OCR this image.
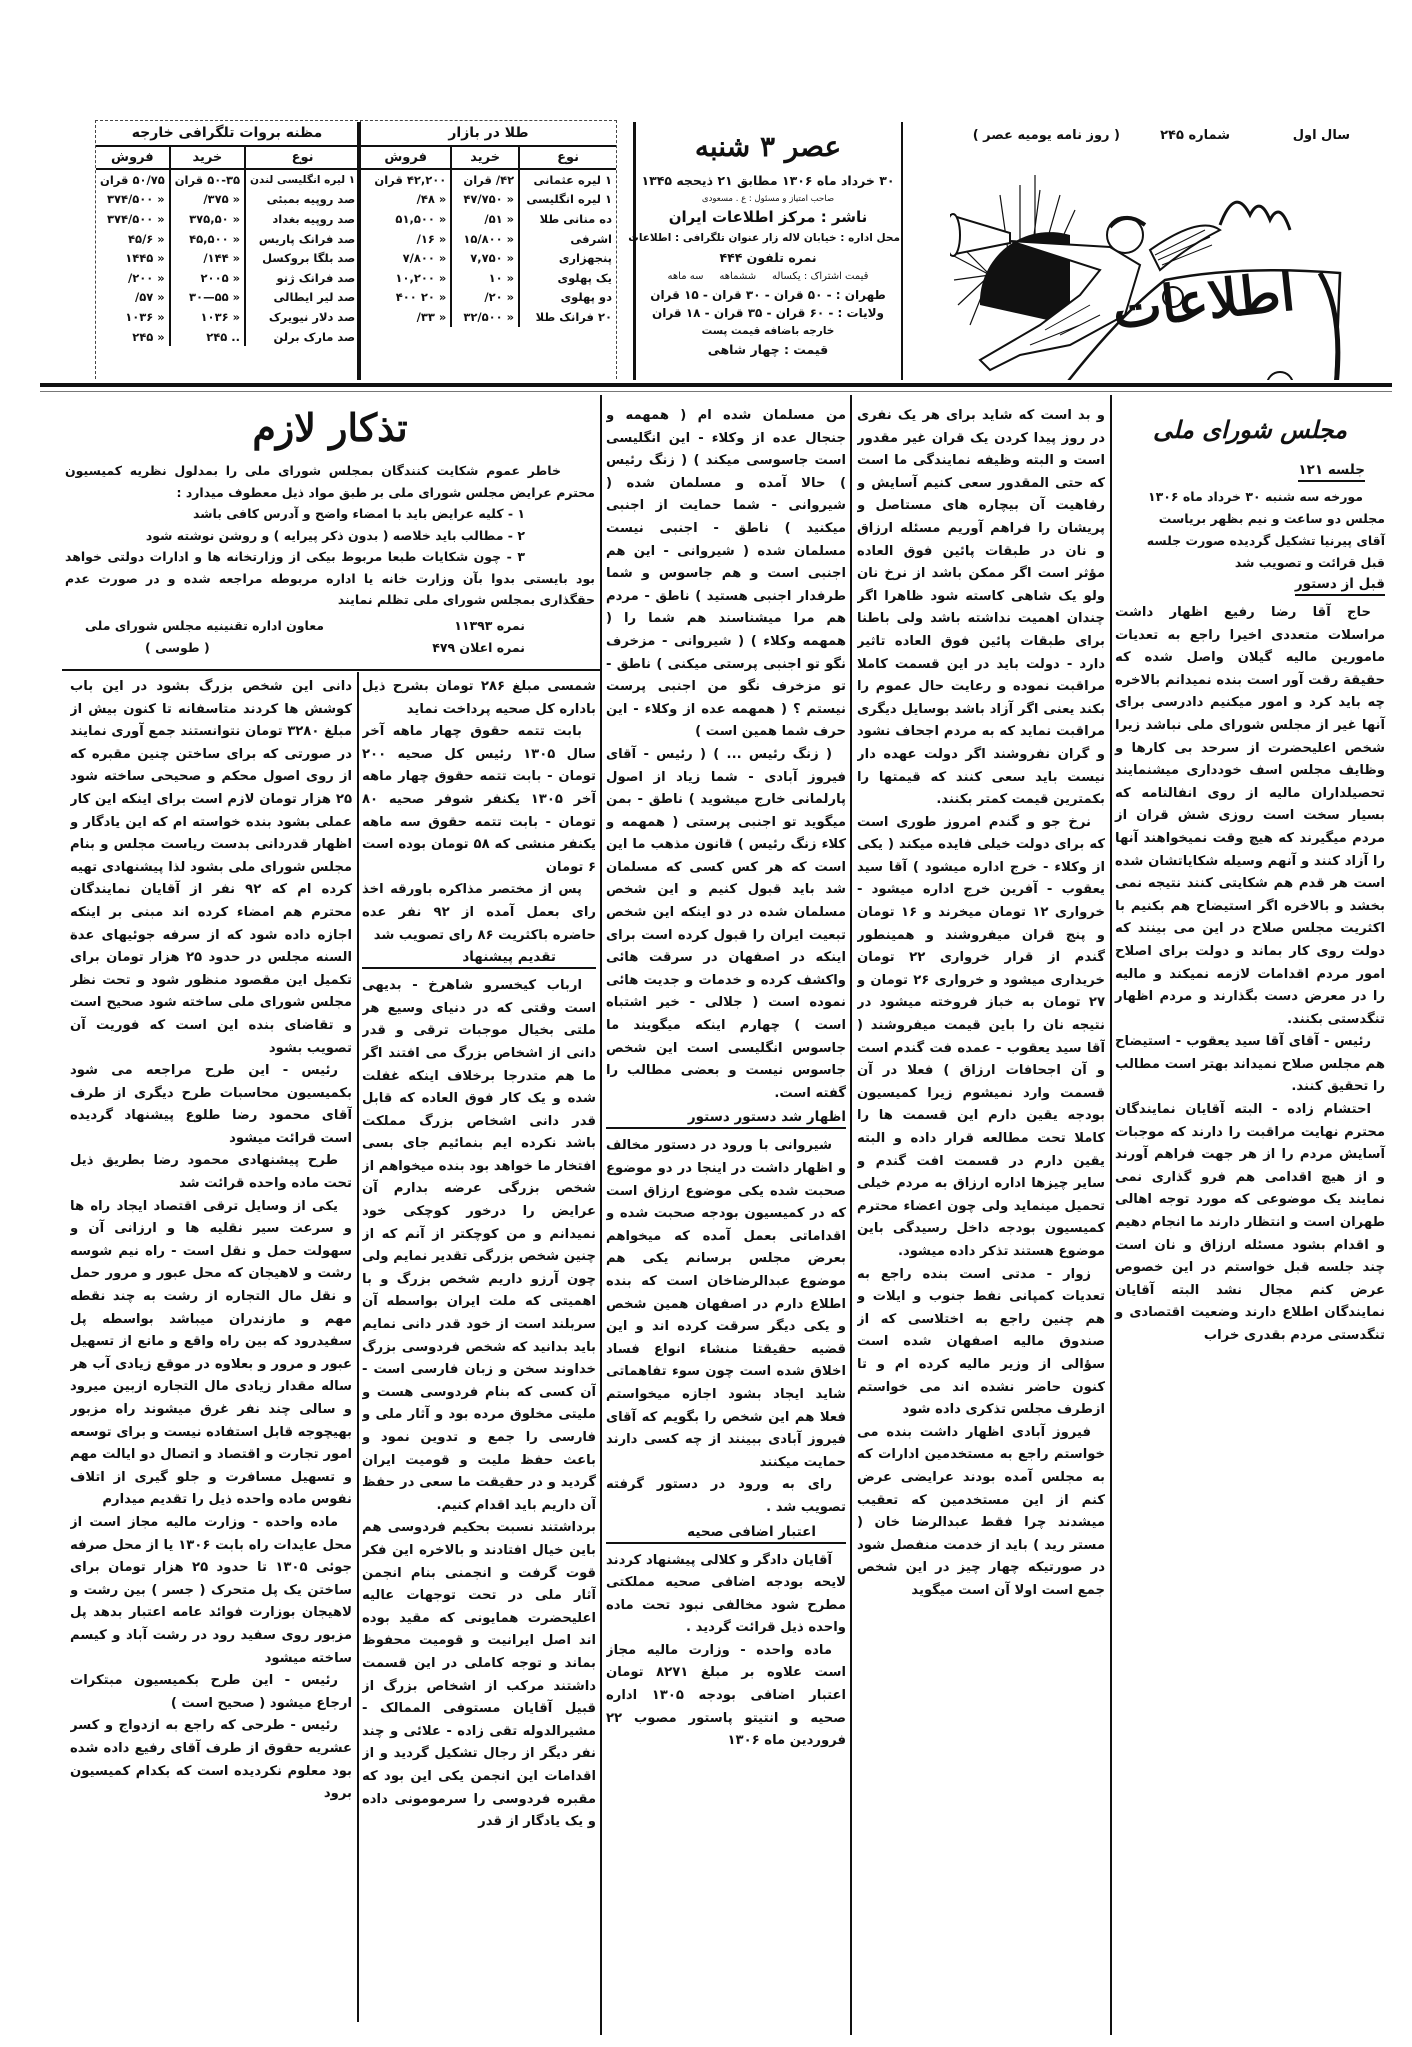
سال اول
شماره ۲۴۵
( روز نامه یومیه عصر )
اطلاعات
عصر ۳ شنبه
۳۰ خرداد ماه ۱۳۰۶ مطابق ۲۱ ذیحجه ۱۳۴۵
صاحب امتیاز و مسئول : ع . مسعودی
ناشر : مرکز اطلاعات ایران
محل اداره : خیابان لاله زار عنوان تلگرافی : اطلاعات
نمره تلفون ۴۴۴
قیمت اشتراک : یکساله     ششماهه     سه ماهه
طهران : - ۵۰ قران - ۳۰ قران - ۱۵ قران
ولایات : - ۶۰ قران - ۳۵ قران - ۱۸ قران
خارجه باضافه قیمت پست
قیمت : چهار شاهی
طلا در بازار
نوع	خرید	فروش
۱ لیره عثمانی	۴۲/ قران	۴۲,۲۰۰ قران
۱ لیره انگلیسی	« ۴۷/۷۵۰	« ۴۸/
ده منانی طلا	« ۵۱/	« ۵۱,۵۰۰
اشرفی	« ۱۵/۸۰۰	« ۱۶/
پنجهزاری	« ۷,۷۵۰	« ۷/۸۰۰
یک پهلوی	« ۱۰	« ۱۰,۲۰۰
دو پهلوی	« ۲۰/	« ۲۰ ۴۰۰
۲۰ فرانک طلا	« ۳۲/۵۰۰	« ۳۳/
مظنه بروات تلگرافی خارجه
نوع	خرید	فروش
۱ لیره انگلیسی لندن	۵۰-۳۵ قران	۵۰/۷۵ قران
صد روپیه بمبئی	« ۳۷۵/	« ۳۷۴/۵۰۰
صد روپیه بغداد	« ۳۷۵,۵۰	« ۳۷۴/۵۰۰
صد فرانک پاریس	« ۴۵,۵۰۰	« ۴۵/۶
صد بلگا بروکسل	« ۱۴۴/	« ۱۴۴۵
صد فرانک ژنو	« ۲۰۰۵	« ۲۰۰/
صد لیر ایطالی	« ۵۵—۳۰	« ۵۷/
صد دلار نیویرک	« ۱۰۳۶	« ۱۰۳۶
صد مارک برلن	.. ۲۴۵	« ۲۴۵
مجلس شورای ملی
جلسه ۱۲۱
مورخه سه شنبه ۳۰ خرداد ماه ۱۳۰۶
مجلس دو ساعت و نیم بظهر بریاست
آقای پیرنیا تشکیل گردیده صورت جلسه
قبل قرائت و تصویب شد
قبل از دستور

حاج آقا رضا رفیع اظهار داشت مراسلات متعددی اخیرا راجع به تعدیات مامورین مالیه گیلان واصل شده که حقیقة رقت آور است بنده نمیدانم بالاخره چه باید کرد و امور میکنیم دادرسی برای آنها غیر از مجلس شورای ملی نباشد زیرا شخص اعلیحضرت از سرحد بی کارها و وظایف مجلس اسف خودداری میشنمایند تحصیلداران مالیه از روی انفالنامه که بسیار سخت است روزی شش قران از مردم میگیرند که هیچ وقت نمیخواهند آنها را آزاد کنند و آنهم وسیله شکایاتشان شده است هر قدم هم شکایتی کنند نتیجه نمی بخشد و بالاخره اگر استیضاح هم بکنیم با اکثریت مجلس صلاح در این می بینند که دولت روی کار بماند و دولت برای اصلاح امور مردم اقدامات لازمه نمیکند و مالیه را در معرض دست بگذارند و مردم اظهار تنگدستی بکنند.

رئیس - آقای آقا سید یعقوب - استیضاح هم مجلس صلاح نمیداند بهتر است مطالب را تحقیق کنند.

احتشام زاده - البته آقایان نمایندگان محترم نهایت مراقبت را دارند که موجبات آسایش مردم را از هر جهت فراهم آورند و از هیچ اقدامی هم فرو گذاری نمی نمایند یک موضوعی که مورد توجه اهالی طهران است و انتظار دارند ما انجام دهیم و اقدام بشود مسئله ارزاق و نان است چند جلسه قبل خواستم در این خصوص عرض کنم مجال نشد البته آقایان نمایندگان اطلاع دارند وضعیت اقتصادی و تنگدستی مردم بقدری خراب

و بد است که شاید برای هر یک نفری در روز پیدا کردن یک قران غیر مقدور است و البته وظیفه نمایندگی ما است که حتی المقدور سعی کنیم آسایش و رفاهیت آن بیچاره های مستاصل و پریشان را فراهم آوریم مسئله ارزاق و نان در طبقات پائین فوق العاده مؤثر است اگر ممکن باشد از نرخ نان ولو یک شاهی کاسته شود ظاهرا اگر چندان اهمیت نداشته باشد ولی باطنا برای طبقات پائین فوق العاده تاثیر دارد - دولت باید در این قسمت کاملا مراقبت نموده و رعایت حال عموم را بکند یعنی اگر آزاد باشد بوسایل دیگری مراقبت نماید که به مردم اجحاف نشود و گران نفروشند اگر دولت عهده دار نیست باید سعی کنند که قیمتها را بکمترین قیمت کمتر بکنند.

نرخ جو و گندم امروز طوری است که برای دولت خیلی فایده میکند ( یکی از وکلاء - خرج اداره میشود ) آقا سید یعقوب - آفرین خرج اداره میشود - خرواری ۱۲ تومان میخرند و ۱۶ تومان و پنج قران میفروشند و همینطور گندم از قرار خرواری ۲۲ تومان خریداری میشود و خرواری ۲۶ تومان و ۲۷ تومان به خباز فروخته میشود در نتیجه نان را باین قیمت میفروشند ( آقا سید یعقوب - عمده فت گندم است و آن اجحافات ارزاق ) فعلا در آن قسمت وارد نمیشوم زیرا کمیسیون بودجه یقین دارم این قسمت ها را کاملا تحت مطالعه قرار داده و البته یقین دارم در قسمت افت گندم و سایر چیزها اداره ارزاق به مردم خیلی تحمیل مینماید ولی چون اعضاء محترم کمیسیون بودجه داخل رسیدگی باین موضوع هستند تذکر داده میشود.

زوار - مدتی است بنده راجع به تعدیات کمپانی نفط جنوب و ایلات و هم چنین راجع به اختلاسی که از صندوق مالیه اصفهان شده است سؤالی از وزیر مالیه کرده ام و تا کنون حاضر نشده اند می خواستم ازطرف مجلس تذکری داده شود

فیروز آبادی اظهار داشت بنده می خواستم راجع به مستخدمین ادارات که به مجلس آمده بودند عرایضی عرض کنم از این مستخدمین که تعقیب میشدند چرا فقط عبدالرضا خان ( مستر رید ) باید از خدمت منفصل شود در صورتیکه چهار چیز در این شخص جمع است اولا آن است میگوید

من مسلمان شده ام ( همهمه و جنجال عده از وکلاء - این انگلیسی است جاسوسی میکند ) ( زنگ رئیس ) حالا آمده و مسلمان شده ( شیروانی - شما حمایت از اجنبی میکنید ) ناطق - اجنبی نیست مسلمان شده ( شیروانی - این هم اجنبی است و هم جاسوس و شما طرفدار اجنبی هستید ) ناطق - مردم هم مرا میشناسند هم شما را ( همهمه وکلاء ) ( شیروانی - مزخرف نگو تو اجنبی پرستی میکنی ) ناطق - تو مزخرف نگو من اجنبی پرست نیستم ؟ ( همهمه عده از وکلاء - این حرف شما همین است )

( زنگ رئیس ... ) ( رئیس - آقای فیروز آبادی - شما زیاد از اصول پارلمانی خارج میشوید ) ناطق - بمن میگوید تو اجنبی پرستی ( همهمه و کلاء زنگ رئیس ) قانون مذهب ما این است که هر کس کسی که مسلمان شد باید قبول کنیم و این شخص مسلمان شده در دو اینکه این شخص تبعیت ایران را قبول کرده است برای اینکه در اصفهان در سرقت هائی واکشف کرده و خدمات و جدیت هائی نموده است ( جلالی - خیر اشتباه است ) چهارم اینکه میگویند ما جاسوس انگلیسی است این شخص جاسوس نیست و بعضی مطالب را گفته است.

اظهار شد دستور دستور

شیروانی با ورود در دستور مخالف و اظهار داشت در اینجا در دو موضوع صحبت شده یکی موضوع ارزاق است که در کمیسیون بودجه صحبت شده و اقداماتی بعمل آمده که میخواهم بعرض مجلس برسانم یکی هم موضوع عبدالرضاخان است که بنده اطلاع دارم در اصفهان همین شخص و یکی دیگر سرقت کرده اند و این قضیه حقیقتا منشاء انواع فساد اخلاق شده است چون سوء تفاهماتی شاید ایجاد بشود اجازه میخواستم فعلا هم این شخص را بگویم که آقای فیروز آبادی ببینند از چه کسی دارند حمایت میکنند

رای به ورود در دستور گرفته تصویب شد .

اعتبار اضافی صحیه

آقایان دادگر و کلالی پیشنهاد کردند لایحه بودجه اضافی صحیه مملکتی مطرح شود مخالفی نبود تحت ماده واحده ذیل قرائت گردید .

ماده واحده - وزارت مالیه مجاز است علاوه بر مبلغ ۸۲۷۱ تومان اعتبار اضافی بودجه ۱۳۰۵ اداره صحیه و انتیتو پاستور مصوب ۲۲ فروردین ماه ۱۳۰۶

تذکار لازم
خاطر عموم شکایت کنندگان بمجلس شورای ملی را بمدلول نظریه کمیسیون محترم عرایض مجلس شورای ملی بر طبق مواد ذیل معطوف میدارد :
۱ - کلیه عرایض باید با امضاء واضح و آدرس کافی باشد
۲ - مطالب باید خلاصه ( بدون ذکر پیرایه ) و روشن نوشته شود
۳ - چون شکایات طبعا مربوط بیکی از وزارتخانه ها و ادارات دولتی خواهد بود بایستی بدوا بآن وزارت خانه یا اداره مربوطه مراجعه شده و در صورت عدم حقگذاری بمجلس شورای ملی تظلم نمایند
نمره ۱۱۳۹۳
نمره اعلان ۴۷۹
معاون اداره تقنینیه مجلس شورای ملی
( طوسی )

شمسی مبلغ ۲۸۶ تومان بشرح ذیل باداره کل صحیه پرداخت نماید

بابت تتمه حقوق چهار ماهه آخر سال ۱۳۰۵ رئیس کل صحیه ۲۰۰ تومان - بابت تتمه حقوق چهار ماهه آخر ۱۳۰۵ یکنفر شوفر صحیه ۸۰ تومان - بابت تتمه حقوق سه ماهه یکنفر منشی که ۵۸ تومان بوده است ۶ تومان

پس از مختصر مذاکره باورقه اخذ رای بعمل آمده از ۹۲ نفر عده حاضره باکثریت ۸۶ رای تصویب شد

تقدیم پیشنهاد

ارباب کیخسرو شاهرخ - بدیهی است وقتی که در دنیای وسیع هر ملتی بخیال موجبات ترقی و قدر دانی از اشخاص بزرگ می افتند اگر ما هم متدرجا برخلاف اینکه غفلت شده و یک کار فوق العاده که قابل قدر دانی اشخاص بزرگ مملکت باشد نکرده ایم بنمائیم جای بسی افتخار ما خواهد بود بنده میخواهم از شخص بزرگی عرضه بدارم آن عرایض را درخور کوچکی خود نمیدانم و من کوچکتر از آنم که از چنین شخص بزرگی تقدیر نمایم ولی چون آرزو داریم شخص بزرگ و با اهمیتی که ملت ایران بواسطه آن سربلند است از خود قدر دانی نمایم باید بدانید که شخص فردوسی بزرگ خداوند سخن و زبان فارسی است - آن کسی که بنام فردوسی هست و ملیتی مخلوق مرده بود و آثار ملی و فارسی را جمع و تدوین نمود و باعث حفظ ملیت و قومیت ایران گردید و در حقیقت ما سعی در حفظ آن داریم باید اقدام کنیم.

برداشتند نسبت بحکیم فردوسی هم باین خیال افتادند و بالاخره این فکر قوت گرفت و انجمنی بنام انجمن آثار ملی در تحت توجهات عالیه اعلیحضرت همایونی که مقید بوده اند اصل ایرانیت و قومیت محفوظ بماند و توجه کاملی در این قسمت داشتند مرکب از اشخاص بزرگ از قبیل آقایان مستوفی الممالک - مشیرالدوله تقی زاده - علائی و چند نفر دیگر از رجال تشکیل گردید و از اقدامات این انجمن یکی این بود که مقبره فردوسی را سرمومونی داده و یک یادگار از قدر

دانی این شخص بزرگ بشود در این باب کوشش ها کردند متاسفانه تا کنون بیش از مبلغ ۳۲۸۰ تومان نتوانستند جمع آوری نمایند در صورتی که برای ساختن چنین مقبره که از روی اصول محکم و صحیحی ساخته شود ۲۵ هزار تومان لازم است برای اینکه این کار عملی بشود بنده خواسته ام که این یادگار و اظهار قدردانی بدست ریاست مجلس و بنام مجلس شورای ملی بشود لذا پیشنهادی تهیه کرده ام که ۹۲ نفر از آقایان نمایندگان محترم هم امضاء کرده اند مبنی بر اینکه اجازه داده شود که از سرفه جوئیهای عدة السنه مجلس در حدود ۲۵ هزار تومان برای تکمیل این مقصود منظور شود و تحت نظر مجلس شورای ملی ساخته شود صحیح است و تقاضای بنده این است که فوریت آن تصویب بشود

رئیس - این طرح مراجعه می شود بکمیسیون محاسبات طرح دیگری از طرف آقای محمود رضا طلوع پیشنهاد گردیده است قرائت میشود

طرح پیشنهادی محمود رضا بطریق ذیل تحت ماده واحده قرائت شد

یکی از وسایل ترقی اقتصاد ایجاد راه ها و سرعت سیر نقلیه ها و ارزانی آن و سهولت حمل و نقل است - راه نیم شوسه رشت و لاهیجان که محل عبور و مرور حمل و نقل مال التجاره از رشت به چند نقطه مهم و مازندران میباشد بواسطه پل سفیدرود که بین راه واقع و مانع از تسهیل عبور و مرور و بعلاوه در موقع زیادی آب هر ساله مقدار زیادی مال التجاره ازبین میرود و سالی چند نفر غرق میشوند راه مزبور بهیچوجه قابل استفاده نیست و برای توسعه امور تجارت و اقتصاد و اتصال دو ایالت مهم و تسهیل مسافرت و جلو گیری از اتلاف نفوس ماده واحده ذیل را تقدیم میدارم

ماده واحده - وزارت مالیه مجاز است از محل عایدات راه بابت ۱۳۰۶ یا از محل صرفه جوئی ۱۳۰۵ تا حدود ۲۵ هزار تومان برای ساختن یک پل متحرک ( جسر ) بین رشت و لاهیجان بوزارت فوائد عامه اعتبار بدهد پل مزبور روی سفید رود در رشت آباد و کیسم ساخته میشود

رئیس - این طرح بکمیسیون مبتکرات ارجاع میشود ( صحیح است )

رئیس - طرحی که راجع به ازدواج و کسر عشریه حقوق از طرف آقای رفیع داده شده بود معلوم نکردیده است که بکدام کمیسیون برود
